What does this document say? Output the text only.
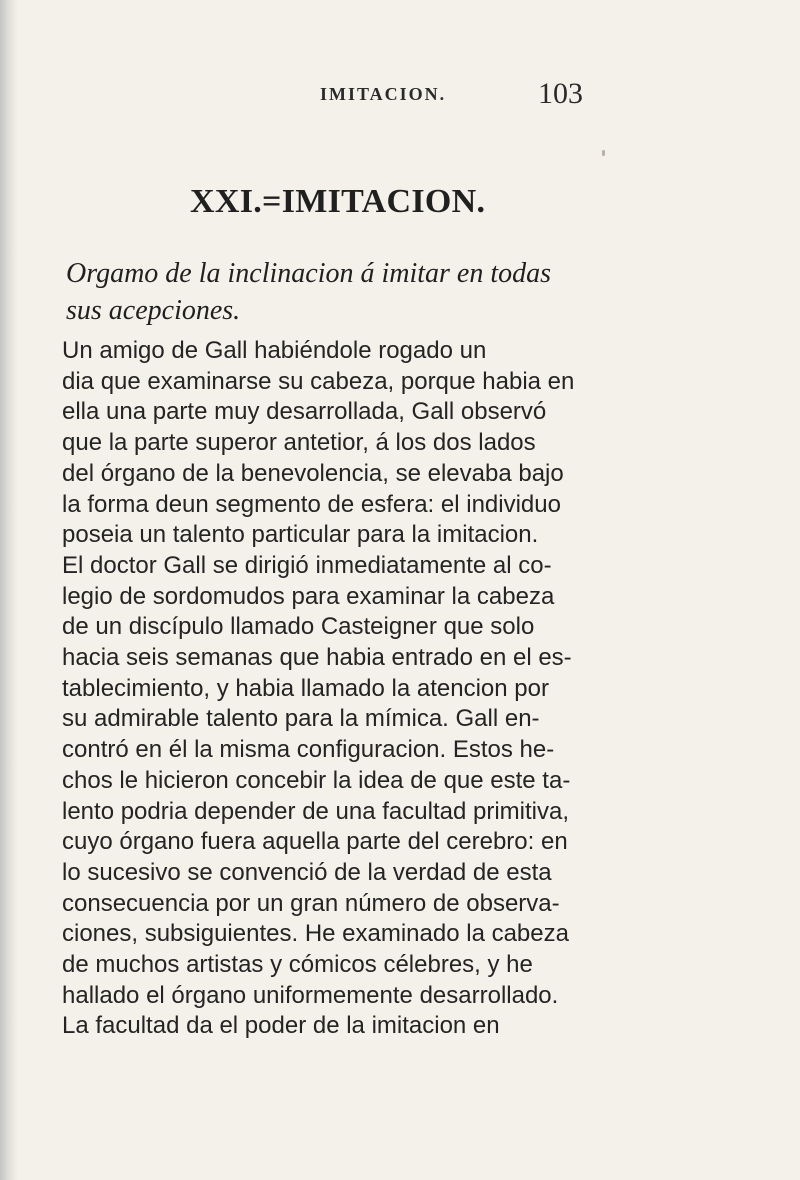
IMITACION.	103
XXI.=IMITACION.
Orgamo de la inclinacion á imitar en todas
sus acepciones.
Un amigo de Gall habiéndole rogado un
dia que examinarse su cabeza, porque habia en
ella una parte muy desarrollada, Gall observó
que la parte superor antetior, á los dos lados
del órgano de la benevolencia, se elevaba bajo
la forma deun segmento de esfera: el individuo
poseia un talento particular para la imitacion.
El doctor Gall se dirigió inmediatamente al co-
legio de sordomudos para examinar la cabeza
de un discípulo llamado Casteigner que solo
hacia seis semanas que habia entrado en el es-
tablecimiento, y habia llamado la atencion por
su admirable talento para la mímica. Gall en-
contró en él la misma configuracion. Estos he-
chos le hicieron concebir la idea de que este ta-
lento podria depender de una facultad primitiva,
cuyo órgano fuera aquella parte del cerebro: en
lo sucesivo se convenció de la verdad de esta
consecuencia por un gran número de observa-
ciones, subsiguientes. He examinado la cabeza
de muchos artistas y cómicos célebres, y he
hallado el órgano uniformemente desarrollado.
La facultad da el poder de la imitacion en
